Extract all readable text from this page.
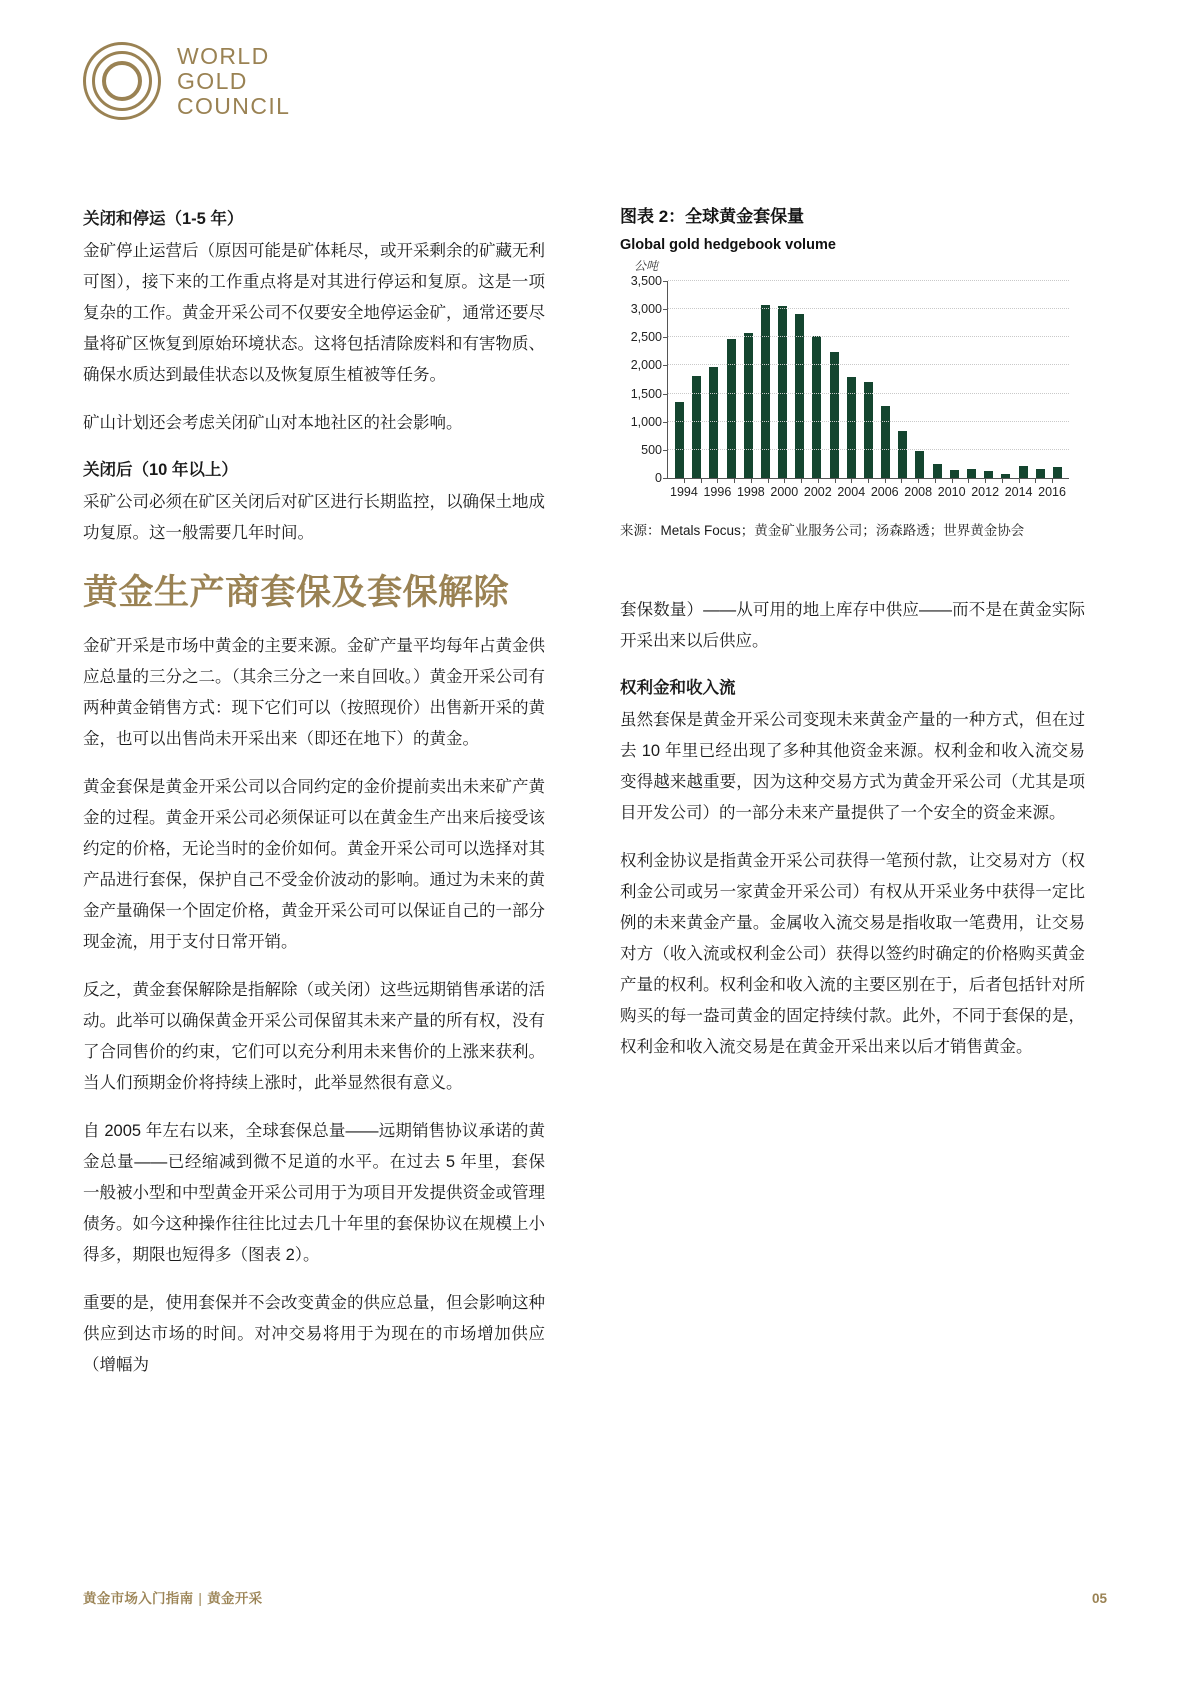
WORLD
GOLD
COUNCIL
关闭和停运（1-5 年）

金矿停止运营后（原因可能是矿体耗尽，或开采剩余的矿藏无利可图），接下来的工作重点将是对其进行停运和复原。这是一项复杂的工作。黄金开采公司不仅要安全地停运金矿，通常还要尽量将矿区恢复到原始环境状态。这将包括清除废料和有害物质、确保水质达到最佳状态以及恢复原生植被等任务。

矿山计划还会考虑关闭矿山对本地社区的社会影响。

关闭后（10 年以上）

采矿公司必须在矿区关闭后对矿区进行长期监控，以确保土地成功复原。这一般需要几年时间。

黄金生产商套保及套保解除

金矿开采是市场中黄金的主要来源。金矿产量平均每年占黄金供应总量的三分之二。（其余三分之一来自回收。）黄金开采公司有两种黄金销售方式：现下它们可以（按照现价）出售新开采的黄金，也可以出售尚未开采出来（即还在地下）的黄金。

黄金套保是黄金开采公司以合同约定的金价提前卖出未来矿产黄金的过程。黄金开采公司必须保证可以在黄金生产出来后接受该约定的价格，无论当时的金价如何。黄金开采公司可以选择对其产品进行套保，保护自己不受金价波动的影响。通过为未来的黄金产量确保一个固定价格，黄金开采公司可以保证自己的一部分现金流，用于支付日常开销。

反之，黄金套保解除是指解除（或关闭）这些远期销售承诺的活动。此举可以确保黄金开采公司保留其未来产量的所有权，没有了合同售价的约束，它们可以充分利用未来售价的上涨来获利。当人们预期金价将持续上涨时，此举显然很有意义。

自 2005 年左右以来，全球套保总量——远期销售协议承诺的黄金总量——已经缩减到微不足道的水平。在过去 5 年里，套保一般被小型和中型黄金开采公司用于为项目开发提供资金或管理债务。如今这种操作往往比过去几十年里的套保协议在规模上小得多，期限也短得多（图表 2）。

重要的是，使用套保并不会改变黄金的供应总量，但会影响这种供应到达市场的时间。对冲交易将用于为现在的市场增加供应（增幅为

图表 2：全球黄金套保量
Global gold hedgebook volume
公吨
0
500
1,000
1,500
2,000
2,500
3,000
3,500
1994 1996 1998 2000 2002 2004 2006 2008 2010 2012 2014 2016
来源：Metals Focus；黄金矿业服务公司；汤森路透；世界黄金协会

套保数量）——从可用的地上库存中供应——而不是在黄金实际开采出来以后供应。

权利金和收入流

虽然套保是黄金开采公司变现未来黄金产量的一种方式，但在过去 10 年里已经出现了多种其他资金来源。权利金和收入流交易变得越来越重要，因为这种交易方式为黄金开采公司（尤其是项目开发公司）的一部分未来产量提供了一个安全的资金来源。

权利金协议是指黄金开采公司获得一笔预付款，让交易对方（权利金公司或另一家黄金开采公司）有权从开采业务中获得一定比例的未来黄金产量。金属收入流交易是指收取一笔费用，让交易对方（收入流或权利金公司）获得以签约时确定的价格购买黄金产量的权利。权利金和收入流的主要区别在于，后者包括针对所购买的每一盎司黄金的固定持续付款。此外，不同于套保的是，权利金和收入流交易是在黄金开采出来以后才销售黄金。

黄金市场入门指南 | 黄金开采	05
